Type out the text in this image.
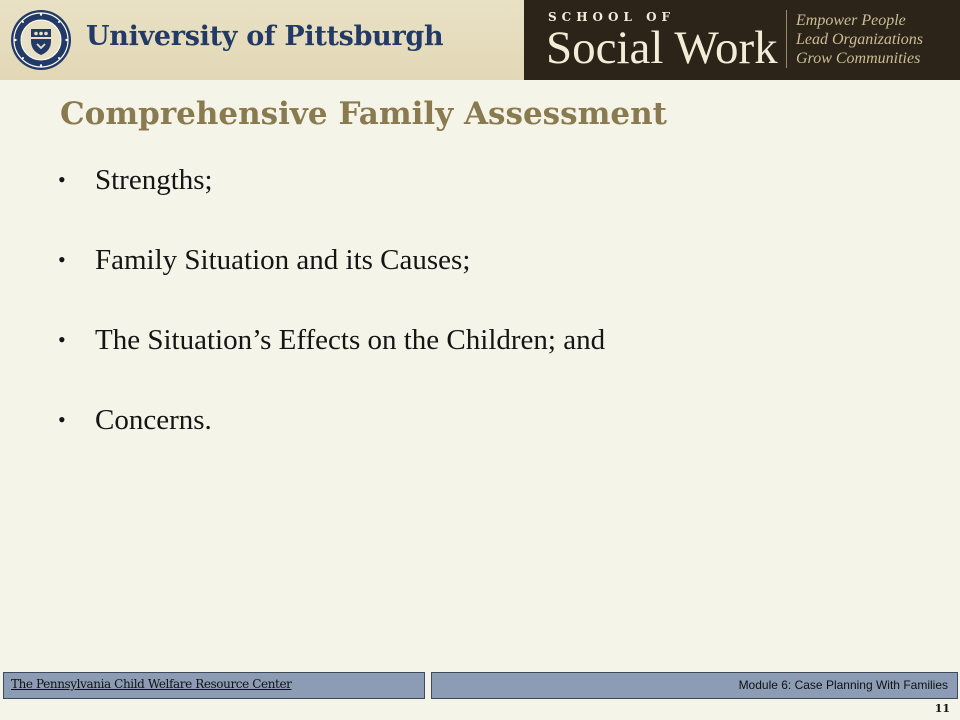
University of Pittsburgh
SCHOOL OF
Social Work
Empower People
Lead Organizations
Grow Communities
Comprehensive Family Assessment
• Strengths;
• Family Situation and its Causes;
• The Situation’s Effects on the Children; and
• Concerns.
The Pennsylvania Child Welfare Resource Center	Module 6: Case Planning With Families
11
